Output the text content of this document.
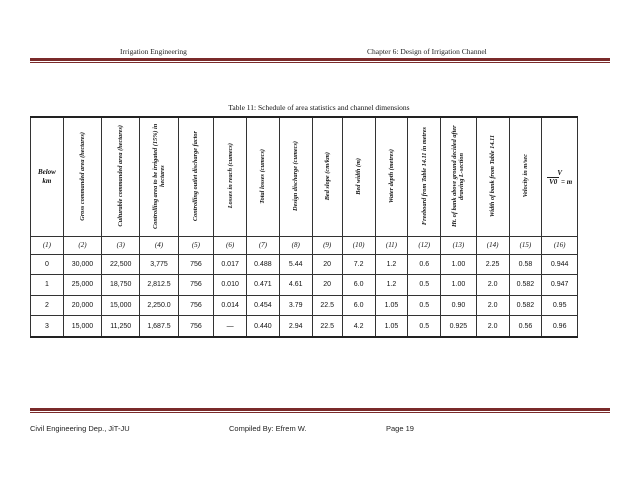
Irrigation Engineering	Chapter 6: Design of Irrigation Channel
Table 11: Schedule of area statistics and channel dimensions
Below
km	Gross commanded area (hectares)	Culturable commanded area (hectares)	Controlling area to be irrigated (15%) in hectares	Controlling outlet discharge factor	Losses in reach (cumecs)	Total losses (cumecs)	Design discharge (cumecs)	Bed slope (cm/km)	Bed width (m)	Water depth (metres)	Freeboard from Table 14.11 in metres	Ht. of bank above ground decided after drawing L-section	Width of bank from Table 14.11	Velocity in m/sec	V
V0 = m

(1)	(2)	(3)	(4)	(5)	(6)	(7)	(8)	(9)	(10)	(11)	(12)	(13)	(14)	(15)	(16)
0	30,000	22,500	3,775	756	0.017	0.488	5.44	20	7.2	1.2	0.6	1.00	2.25	0.58	0.944
1	25,000	18,750	2,812.5	756	0.010	0.471	4.61	20	6.0	1.2	0.5	1.00	2.0	0.582	0.947
2	20,000	15,000	2,250.0	756	0.014	0.454	3.79	22.5	6.0	1.05	0.5	0.90	2.0	0.582	0.95
3	15,000	11,250	1,687.5	756	—	0.440	2.94	22.5	4.2	1.05	0.5	0.925	2.0	0.56	0.96
Civil Engineering Dep., JiT-JU	Compiled By: Efrem W.	Page 19
